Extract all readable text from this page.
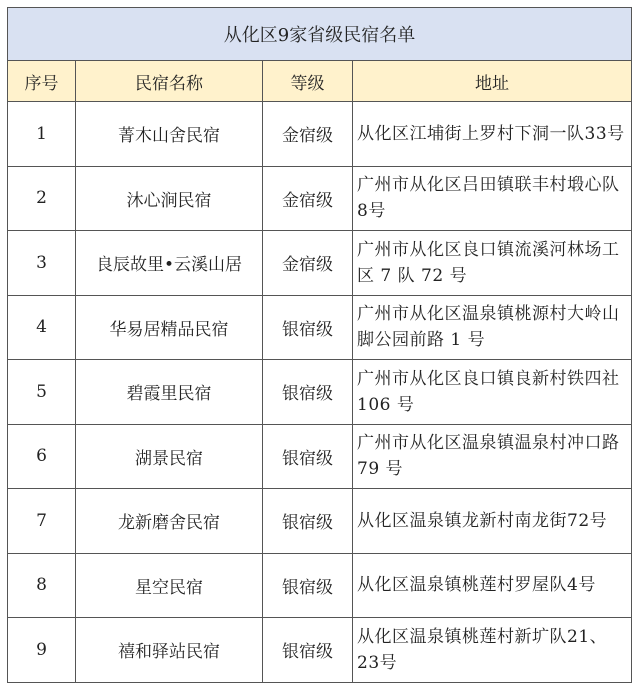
从化区9家省级民宿名单			
序号	民宿名称	等级	地址
1	菁木山舍民宿	金宿级	从化区江埔街上罗村下洞一队33号
2	沐心涧民宿	金宿级	广州市从化区吕田镇联丰村塅心队 8号
3	良辰故里•云溪山居	金宿级	广州市从化区良口镇流溪河林场工区 7 队 72 号
4	华易居精品民宿	银宿级	广州市从化区温泉镇桃源村大岭山脚公园前路 1 号
5	碧霞里民宿	银宿级	广州市从化区良口镇良新村铁四社 106 号
6	湖景民宿	银宿级	广州市从化区温泉镇温泉村冲口路 79 号
7	龙新磨舍民宿	银宿级	从化区温泉镇龙新村南龙街72号
8	星空民宿	银宿级	从化区温泉镇桃莲村罗屋队4号
9	禧和驿站民宿	银宿级	从化区温泉镇桃莲村新圹队21、23号
